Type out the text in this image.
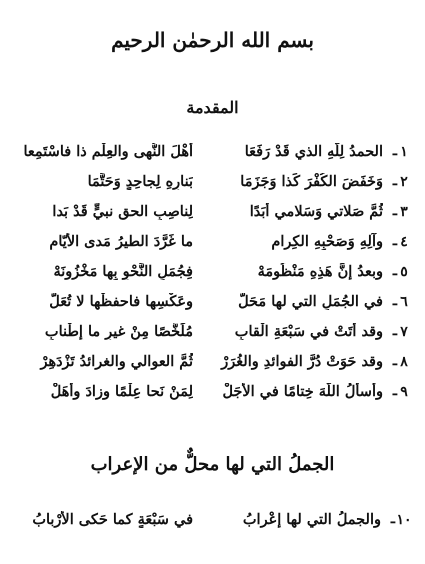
بسم الله الرحمٰن الرحيم
المقدمة
١
ـ
الحمدُ لِلّهِ الذي قَدْ رَفَعَا
أَهْلَ النُّهى والعِلْمِ ذا فاسْتَمِعا
٢
ـ
وَخَفَضَ الكُفْرَ كَذا وَجَزَمَا
بَنارِهِ لِجاحِدٍ وَحَتَّمَا
٣
ـ
ثُمَّ صَلاتي وَسَلامي أَبَدًا
لِناصِبِ الحقِ نبيٍّ قَدْ بَدا
٤
ـ
وآلِهِ وَصَحْبِهِ الكِرامِ
ما غَرَّدَ الطيرُ مَدى الأيّامِ
٥
ـ
وبعدُ إنَّ هَذِهِ مَنْظُومَهْ
فِجُمَلِ النَّحْوِ بِها مَخْزُونَهْ
٦
ـ
في الجُمَلِ التي لها مَحَلُّ
وعَكْسِها فاحفظْها لا تُعَلُّ
٧
ـ
وقد أَتَتْ في سَبْعَةِ الْقابِ
مُلَخَّصًا مِنْ غيرِ ما إِطْنابِ
٨
ـ
وقد حَوَتْ دُرَّ الفوائدِ والغُرَرْ
ثُمَّ العوالي والغرائدُ تَزْدَهِرْ
٩
ـ
وأسألُ اللّهَ خِتامًا في الأَجَلْ
لِمَنْ نَحا عِلْمًا وزادَ وأهَلْ
الجملُ التي لها محلٌّ من الإعراب
١٠
ـ
والجملُ التي لها إِعْرابُ
في سَبْعَةٍ كما حَكى الأَرْبابُ
